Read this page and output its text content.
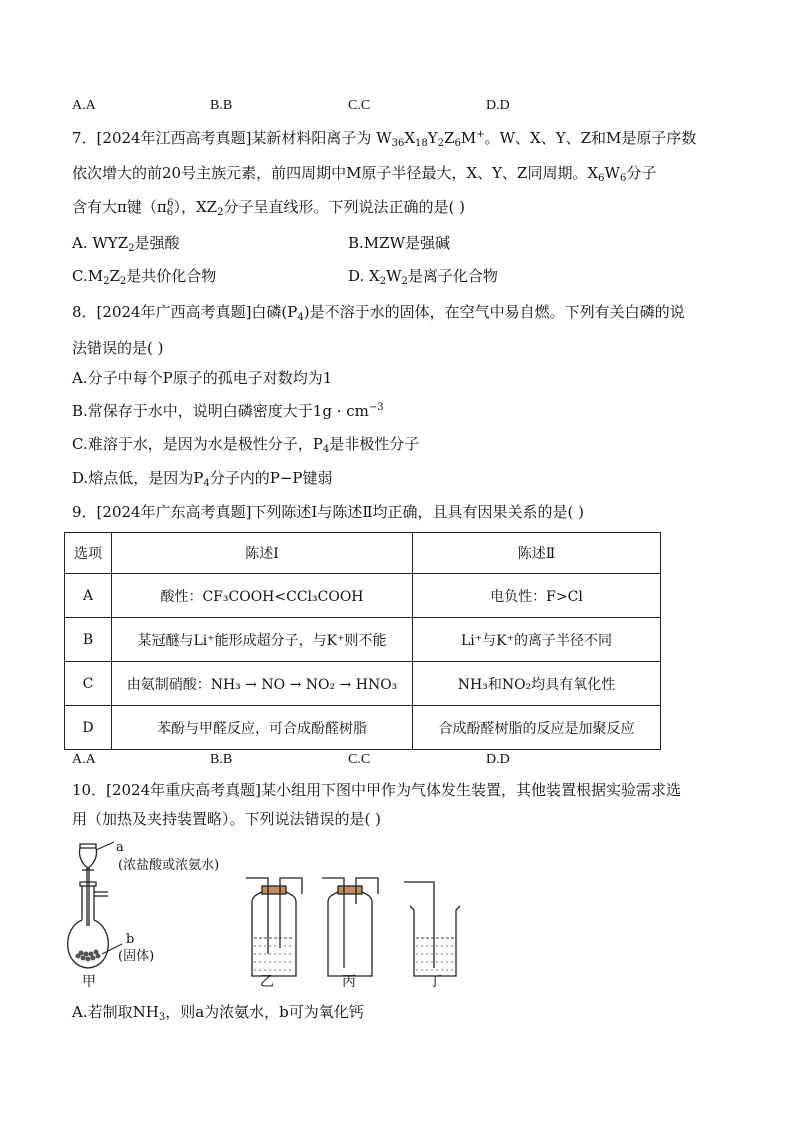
A.A	B.B	C.C	D.D
7．[2024年江西高考真题]某新材料阳离子为 $W_{36}X_{18}Y_2Z_6M^+$。W、X、Y、Z和M是原子序数
依次增大的前20号主族元素，前四周期中M原子半径最大，X、Y、Z同周期。$X_6W_6$分子
含有大π键$(\pi_6^6)$，$XZ_2$分子呈直线形。下列说法正确的是( )
A. $WYZ_2$是强酸	B.MZW是强碱
$C.M_2Z_2$是共价化合物	D. $X_2W_2$是离子化合物
8．[2024年广西高考真题]白磷$(P_4)$是不溶于水的固体，在空气中易自燃。下列有关白磷的说
法错误的是( )
A.分子中每个P原子的孤电子对数均为1
B.常保存于水中，说明白磷密度大于$1g \cdot cm^{-3}$
C.难溶于水，是因为水是极性分子，$P_4$是非极性分子
D.熔点低，是因为$P_4$分子内的P−P键弱
9．[2024年广东高考真题]下列陈述Ⅰ与陈述Ⅱ均正确，且具有因果关系的是( )
选项	陈述Ⅰ	陈述Ⅱ
A	酸性：CF₃COOH<CCl₃COOH	电负性：F>Cl
B	某冠醚与Li⁺能形成超分子，与K⁺则不能	Li⁺与K⁺的离子半径不同
C	由氨制硝酸：NH₃ → NO → NO₂ → HNO₃	NH₃和NO₂均具有氧化性
D	苯酚与甲醛反应，可合成酚醛树脂	合成酚醛树脂的反应是加聚反应
A.A	B.B	C.C	D.D
10．[2024年重庆高考真题]某小组用下图中甲作为气体发生装置，其他装置根据实验需求选
用（加热及夹持装置略）。下列说法错误的是( )
a
(浓盐酸或浓氨水)
b
(固体)
甲	乙	丙	丁
A.若制取$NH_3$，则a为浓氨水，b可为氧化钙
